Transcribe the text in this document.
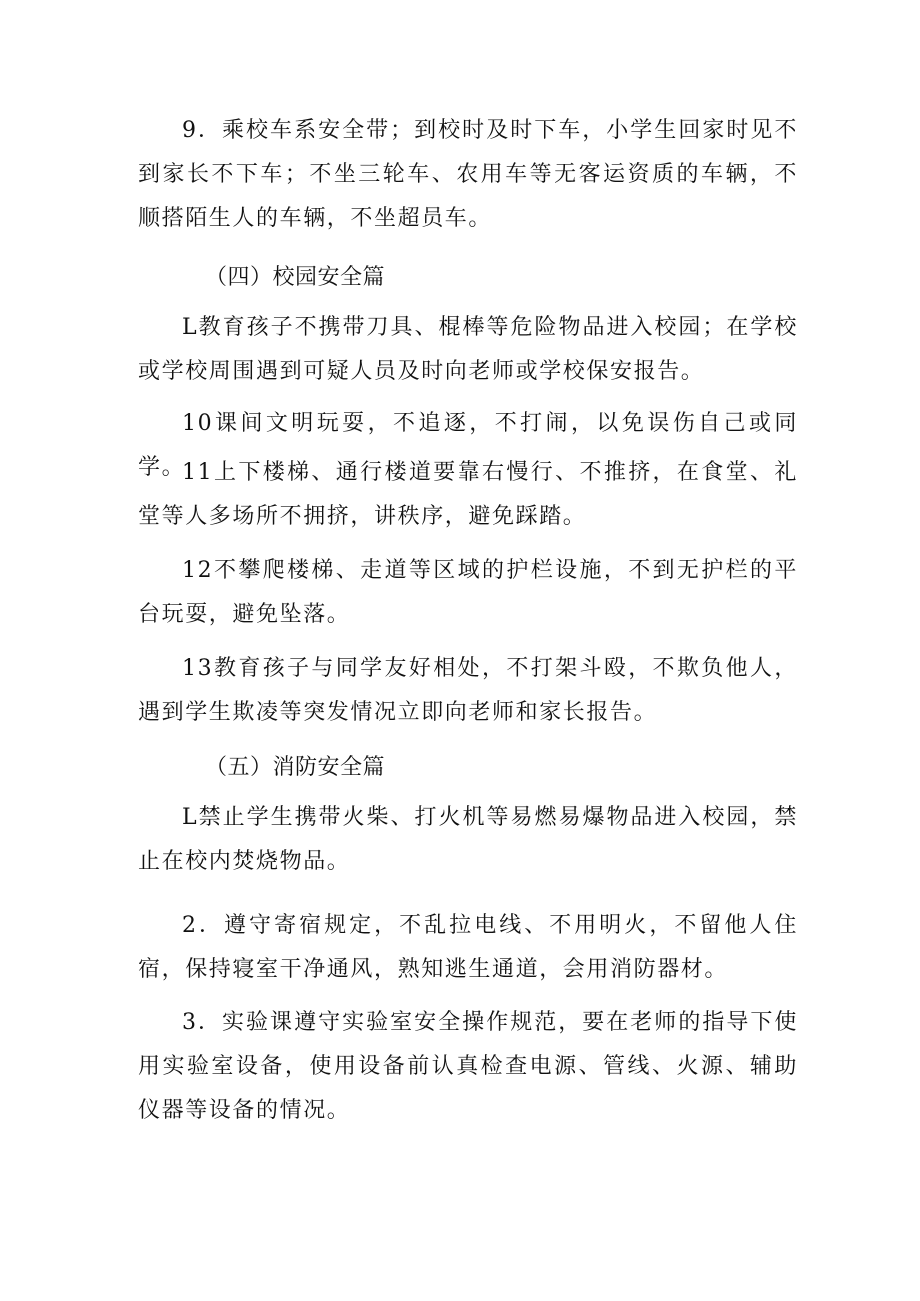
9．乘校车系安全带；到校时及时下车，小学生回家时见不到家长不下车；不坐三轮车、农用车等无客运资质的车辆，不顺搭陌生人的车辆，不坐超员车。

（四）校园安全篇

L教育孩子不携带刀具、棍棒等危险物品进入校园；在学校或学校周围遇到可疑人员及时向老师或学校保安报告。

10课间文明玩耍，不追逐，不打闹，以免误伤自己或同学。

11上下楼梯、通行楼道要靠右慢行、不推挤，在食堂、礼堂等人多场所不拥挤，讲秩序，避免踩踏。

12不攀爬楼梯、走道等区域的护栏设施，不到无护栏的平台玩耍，避免坠落。

13教育孩子与同学友好相处，不打架斗殴，不欺负他人，遇到学生欺凌等突发情况立即向老师和家长报告。

（五）消防安全篇

L禁止学生携带火柴、打火机等易燃易爆物品进入校园，禁止在校内焚烧物品。

2．遵守寄宿规定，不乱拉电线、不用明火，不留他人住宿，保持寝室干净通风，熟知逃生通道，会用消防器材。

3．实验课遵守实验室安全操作规范，要在老师的指导下使用实验室设备，使用设备前认真检查电源、管线、火源、辅助仪器等设备的情况。
